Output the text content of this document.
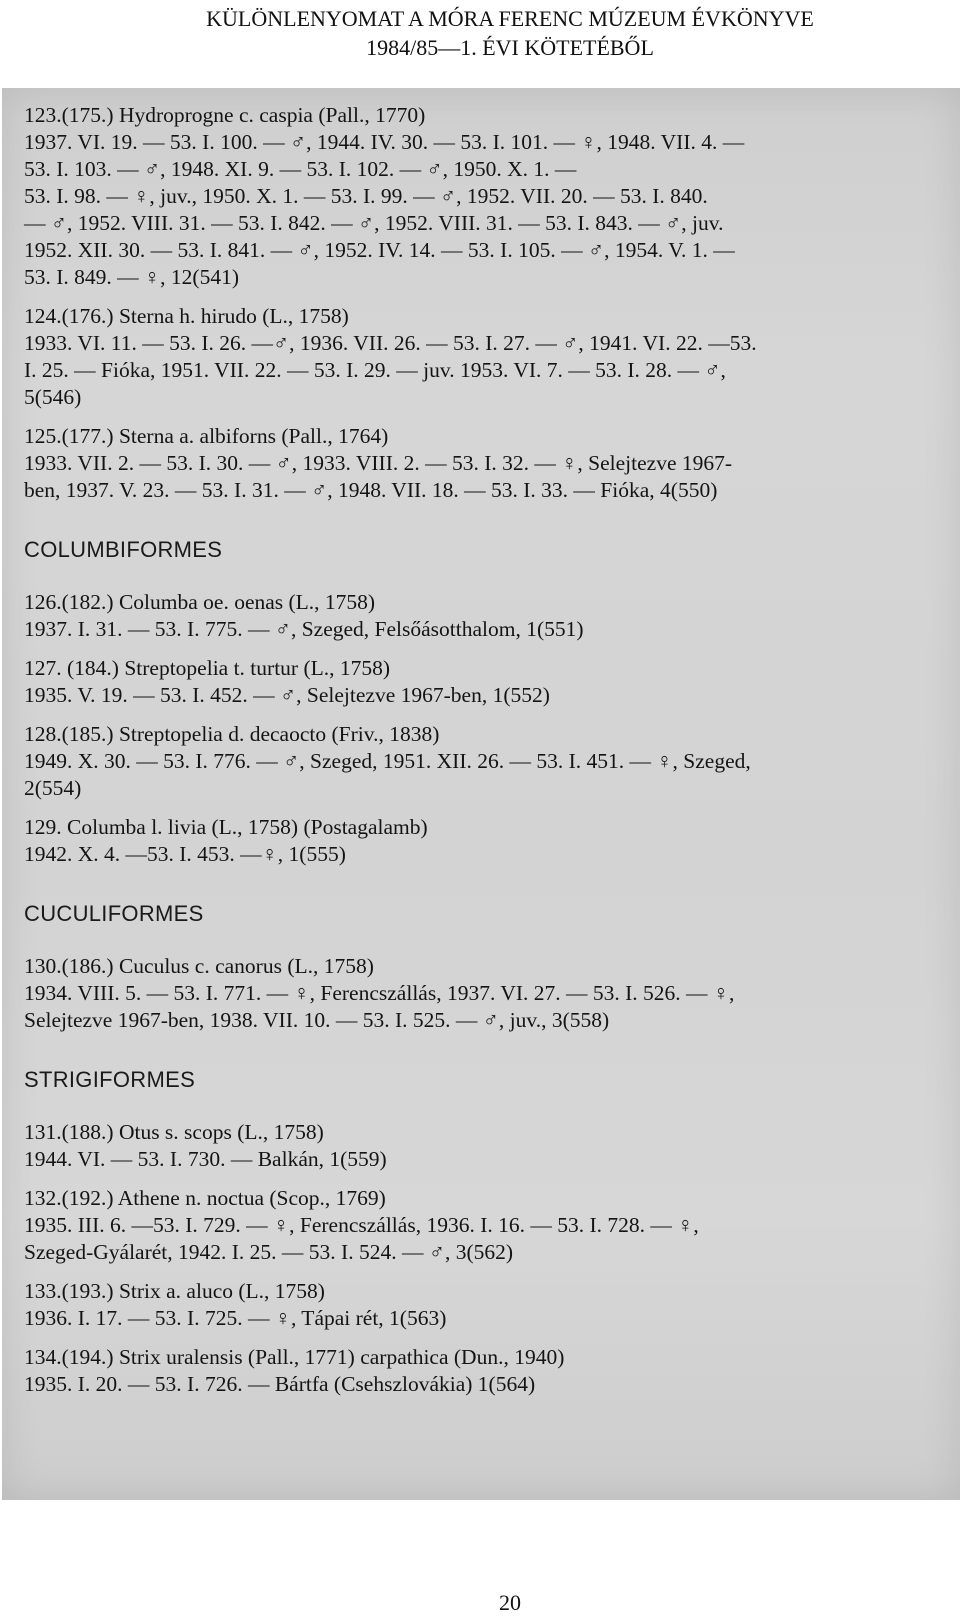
KÜLÖNLENYOMAT A MÓRA FERENC MÚZEUM ÉVKÖNYVE
1984/85—1. ÉVI KÖTETÉBŐL
123.(175.) Hydroprogne c. caspia (Pall., 1770)
1937. VI. 19. — 53. I. 100. — ♂, 1944. IV. 30. — 53. I. 101. — ♀, 1948. VII. 4. —
53. I. 103. — ♂, 1948. XI. 9. — 53. I. 102. — ♂, 1950. X. 1. —
53. I. 98. — ♀, juv., 1950. X. 1. — 53. I. 99. — ♂, 1952. VII. 20. — 53. I. 840.
— ♂, 1952. VIII. 31. — 53. I. 842. — ♂, 1952. VIII. 31. — 53. I. 843. — ♂, juv.
1952. XII. 30. — 53. I. 841. — ♂, 1952. IV. 14. — 53. I. 105. — ♂, 1954. V. 1. —
53. I. 849. — ♀, 12(541)
124.(176.) Sterna h. hirudo (L., 1758)
1933. VI. 11. — 53. I. 26. —♂, 1936. VII. 26. — 53. I. 27. — ♂, 1941. VI. 22. —53.
I. 25. — Fióka, 1951. VII. 22. — 53. I. 29. — juv. 1953. VI. 7. — 53. I. 28. — ♂,
5(546)
125.(177.) Sterna a. albiforns (Pall., 1764)
1933. VII. 2. — 53. I. 30. — ♂, 1933. VIII. 2. — 53. I. 32. — ♀, Selejtezve 1967-
ben, 1937. V. 23. — 53. I. 31. — ♂, 1948. VII. 18. — 53. I. 33. — Fióka, 4(550)
COLUMBIFORMES
126.(182.) Columba oe. oenas (L., 1758)
1937. I. 31. — 53. I. 775. — ♂, Szeged, Felsőásotthalom, 1(551)
127. (184.) Streptopelia t. turtur (L., 1758)
1935. V. 19. — 53. I. 452. — ♂, Selejtezve 1967-ben, 1(552)
128.(185.) Streptopelia d. decaocto (Friv., 1838)
1949. X. 30. — 53. I. 776. — ♂, Szeged, 1951. XII. 26. — 53. I. 451. — ♀, Szeged,
2(554)
129. Columba l. livia (L., 1758) (Postagalamb)
1942. X. 4. —53. I. 453. —♀, 1(555)
CUCULIFORMES
130.(186.) Cuculus c. canorus (L., 1758)
1934. VIII. 5. — 53. I. 771. — ♀, Ferencszállás, 1937. VI. 27. — 53. I. 526. — ♀,
Selejtezve 1967-ben, 1938. VII. 10. — 53. I. 525. — ♂, juv., 3(558)
STRIGIFORMES
131.(188.) Otus s. scops (L., 1758)
1944. VI. — 53. I. 730. — Balkán, 1(559)
132.(192.) Athene n. noctua (Scop., 1769)
1935. III. 6. —53. I. 729. — ♀, Ferencszállás, 1936. I. 16. — 53. I. 728. — ♀,
Szeged-Gyálarét, 1942. I. 25. — 53. I. 524. — ♂, 3(562)
133.(193.) Strix a. aluco (L., 1758)
1936. I. 17. — 53. I. 725. — ♀, Tápai rét, 1(563)
134.(194.) Strix uralensis (Pall., 1771) carpathica (Dun., 1940)
1935. I. 20. — 53. I. 726. — Bártfa (Csehszlovákia) 1(564)
20
